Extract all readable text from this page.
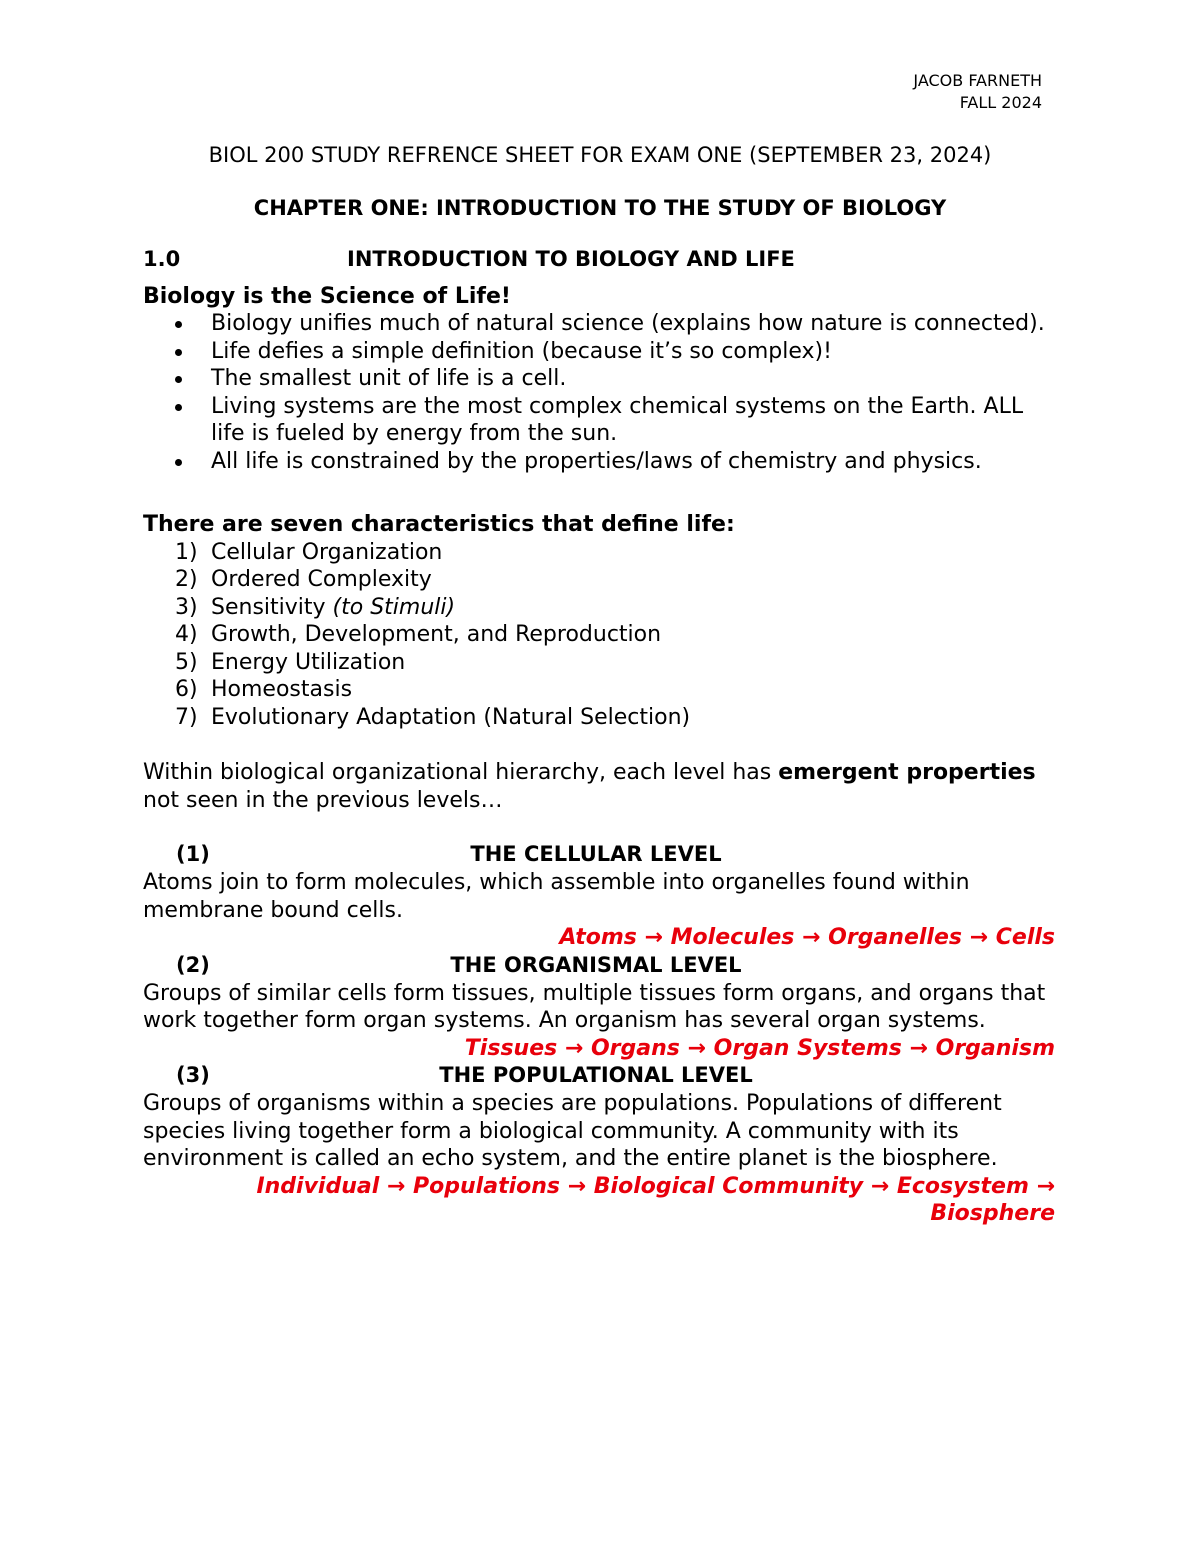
JACOB FARNETH
FALL 2024
BIOL 200 STUDY REFRENCE SHEET FOR EXAM ONE (SEPTEMBER 23, 2024)
CHAPTER ONE: INTRODUCTION TO THE STUDY OF BIOLOGY
1.0	INTRODUCTION TO BIOLOGY AND LIFE
Biology is the Science of Life!
Biology unifies much of natural science (explains how nature is connected).
Life defies a simple definition (because it’s so complex)!
The smallest unit of life is a cell.
Living systems are the most complex chemical systems on the Earth. ALL life is fueled by energy from the sun.
All life is constrained by the properties/laws of chemistry and physics.
There are seven characteristics that define life:
1) Cellular Organization
2) Ordered Complexity
3) Sensitivity (to Stimuli)
4) Growth, Development, and Reproduction
5) Energy Utilization
6) Homeostasis
7) Evolutionary Adaptation (Natural Selection)
Within biological organizational hierarchy, each level has emergent properties not seen in the previous levels…
(1)	THE CELLULAR LEVEL
Atoms join to form molecules, which assemble into organelles found within membrane bound cells.
Atoms → Molecules → Organelles → Cells
(2)	THE ORGANISMAL LEVEL
Groups of similar cells form tissues, multiple tissues form organs, and organs that work together form organ systems. An organism has several organ systems.
Tissues → Organs → Organ Systems → Organism
(3)	THE POPULATIONAL LEVEL
Groups of organisms within a species are populations. Populations of different species living together form a biological community. A community with its environment is called an echo system, and the entire planet is the biosphere.
Individual → Populations → Biological Community → Ecosystem → Biosphere
